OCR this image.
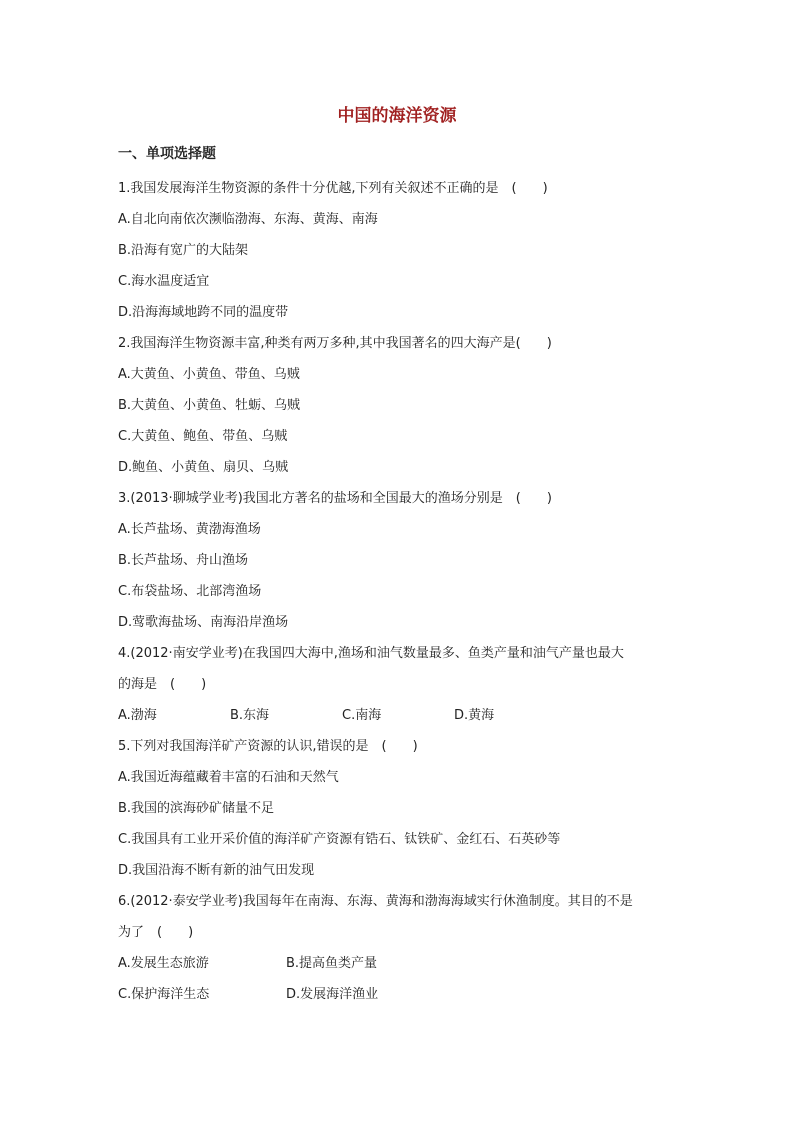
中国的海洋资源
一、单项选择题
1.我国发展海洋生物资源的条件十分优越,下列有关叙述不正确的是　(　　)
A.自北向南依次濒临渤海、东海、黄海、南海
B.沿海有宽广的大陆架
C.海水温度适宜
D.沿海海域地跨不同的温度带
2.我国海洋生物资源丰富,种类有两万多种,其中我国著名的四大海产是(　　)
A.大黄鱼、小黄鱼、带鱼、乌贼
B.大黄鱼、小黄鱼、牡蛎、乌贼
C.大黄鱼、鲍鱼、带鱼、乌贼
D.鲍鱼、小黄鱼、扇贝、乌贼
3.(2013·聊城学业考)我国北方著名的盐场和全国最大的渔场分别是　(　　)
A.长芦盐场、黄渤海渔场
B.长芦盐场、舟山渔场
C.布袋盐场、北部湾渔场
D.莺歌海盐场、南海沿岸渔场
4.(2012·南安学业考)在我国四大海中,渔场和油气数量最多、鱼类产量和油气产量也最大
的海是　(　　)
A.渤海	B.东海	C.南海	D.黄海
5.下列对我国海洋矿产资源的认识,错误的是　(　　)
A.我国近海蕴藏着丰富的石油和天然气
B.我国的滨海砂矿储量不足
C.我国具有工业开采价值的海洋矿产资源有锆石、钛铁矿、金红石、石英砂等
D.我国沿海不断有新的油气田发现
6.(2012·泰安学业考)我国每年在南海、东海、黄海和渤海海域实行休渔制度。其目的不是
为了　(　　)
A.发展生态旅游	B.提高鱼类产量
C.保护海洋生态	D.发展海洋渔业
